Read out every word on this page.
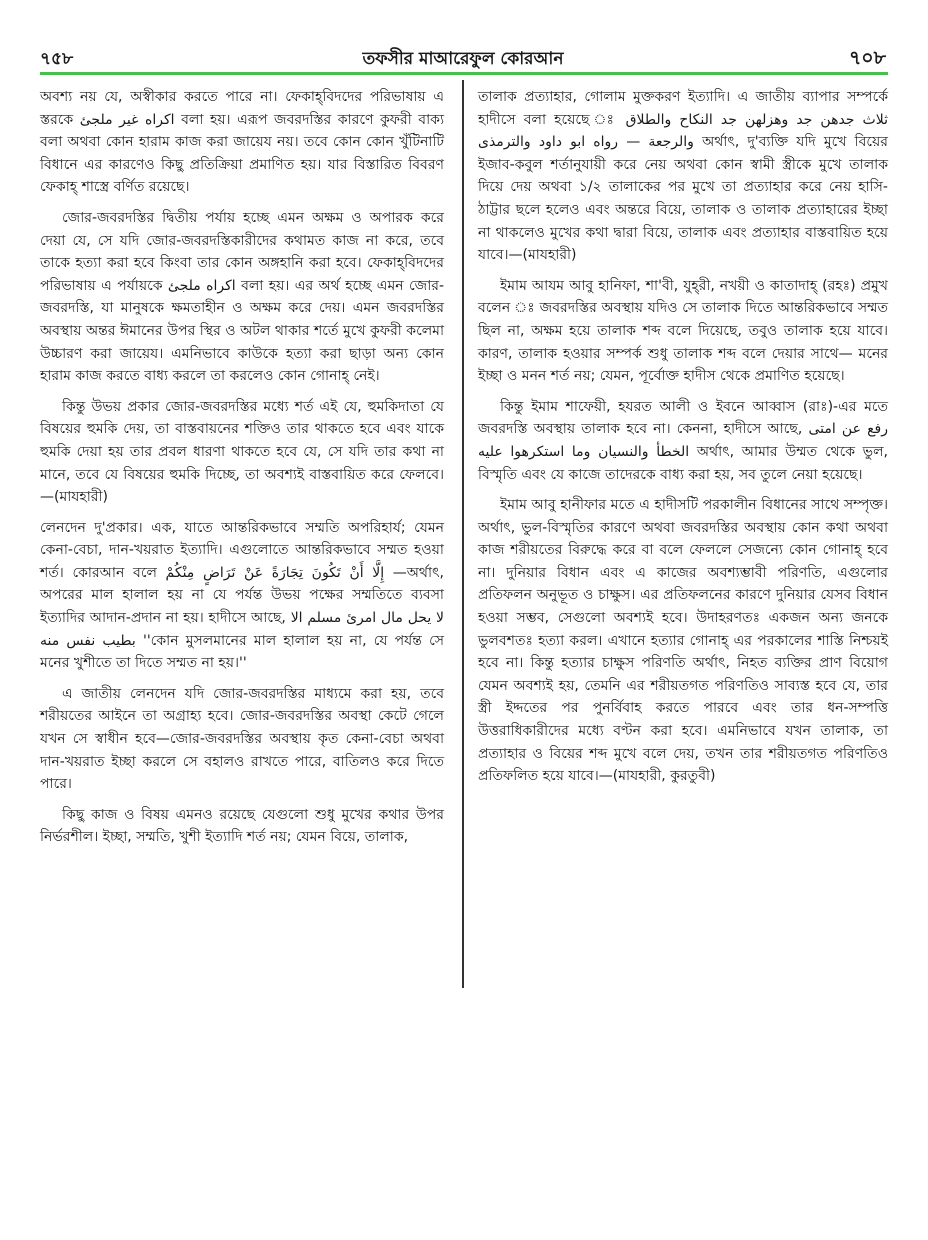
৭৫৮	তফসীর মাআরেফুল কোরআন	৭০৮

অবশ্য নয় যে, অস্বীকার করতে পারে না। ফেকাহ্‌বিদদের পরিভাষায় এ স্তরকে اكراه غير ملجئ বলা হয়। এরূপ জবরদস্তির কারণে কুফরী বাক্য বলা অথবা কোন হারাম কাজ করা জায়েয নয়। তবে কোন কোন খুঁটিনাটি বিধানে এর কারণেও কিছু প্রতিক্রিয়া প্রমাণিত হয়। যার বিস্তারিত বিবরণ ফেকাহ্‌ শাস্ত্রে বর্ণিত রয়েছে।

জোর-জবরদস্তির দ্বিতীয় পর্যায় হচ্ছে এমন অক্ষম ও অপারক করে দেয়া যে, সে যদি জোর-জবরদস্তিকারীদের কথামত কাজ না করে, তবে তাকে হত্যা করা হবে কিংবা তার কোন অঙ্গহানি করা হবে। ফেকাহ্‌বিদদের পরিভাষায় এ পর্যায়কে اكراه ملجئ বলা হয়। এর অর্থ হচ্ছে এমন জোর-জবরদস্তি, যা মানুষকে ক্ষমতাহীন ও অক্ষম করে দেয়। এমন জবরদস্তির অবস্থায় অন্তর ঈমানের উপর স্থির ও অটল থাকার শর্তে মুখে কুফরী কলেমা উচ্চারণ করা জায়েয। এমনিভাবে কাউকে হত্যা করা ছাড়া অন্য কোন হারাম কাজ করতে বাধ্য করলে তা করলেও কোন গোনাহ্‌ নেই।

কিন্তু উভয় প্রকার জোর-জবরদস্তির মধ্যে শর্ত এই যে, হুমকিদাতা যে বিষয়ের হুমকি দেয়, তা বাস্তবায়নের শক্তিও তার থাকতে হবে এবং যাকে হুমকি দেয়া হয় তার প্রবল ধারণা থাকতে হবে যে, সে যদি তার কথা না মানে, তবে যে বিষয়ের হুমকি দিচ্ছে, তা অবশ্যই বাস্তবায়িত করে ফেলবে।—(মাযহারী)

লেনদেন দু'প্রকার। এক, যাতে আন্তরিকভাবে সম্মতি অপরিহার্য; যেমন কেনা-বেচা, দান-খয়রাত ইত্যাদি। এগুলোতে আন্তরিকভাবে সম্মত হওয়া শর্ত। কোরআন বলে إِلَّا أَنْ تَكُونَ تِجَارَةً عَنْ تَرَاضٍ مِنْكُمْ —অর্থাৎ, অপরের মাল হালাল হয় না যে পর্যন্ত উভয় পক্ষের সম্মতিতে ব্যবসা ইত্যাদির আদান-প্রদান না হয়। হাদীসে আছে, لا يحل مال امرئ مسلم الا بطيب نفس منه ''কোন মুসলমানের মাল হালাল হয় না, যে পর্যন্ত সে মনের খুশীতে তা দিতে সম্মত না হয়।''

এ জাতীয় লেনদেন যদি জোর-জবরদস্তির মাধ্যমে করা হয়, তবে শরীয়তের আইনে তা অগ্রাহ্য হবে। জোর-জবরদস্তির অবস্থা কেটে গেলে যখন সে স্বাধীন হবে—জোর-জবরদস্তির অবস্থায় কৃত কেনা-বেচা অথবা দান-খয়রাত ইচ্ছা করলে সে বহালও রাখতে পারে, বাতিলও করে দিতে পারে।

কিছু কাজ ও বিষয় এমনও রয়েছে যেগুলো শুধু মুখের কথার উপর নির্ভরশীল। ইচ্ছা, সম্মতি, খুশী ইত্যাদি শর্ত নয়; যেমন বিয়ে, তালাক,

তালাক প্রত্যাহার, গোলাম মুক্তকরণ ইত্যাদি। এ জাতীয় ব্যাপার সম্পর্কে হাদীসে বলা হয়েছে ঃ ثلاث جدهن جد وهزلهن جد النكاح والطلاق والرجعة — رواه ابو داود والترمذى অর্থাৎ, দু'ব্যক্তি যদি মুখে বিয়ের ইজাব-কবুল শর্তানুযায়ী করে নেয় অথবা কোন স্বামী স্ত্রীকে মুখে তালাক দিয়ে দেয় অথবা ১/২ তালাকের পর মুখে তা প্রত্যাহার করে নেয় হাসি-ঠাট্টার ছলে হলেও এবং অন্তরে বিয়ে, তালাক ও তালাক প্রত্যাহারের ইচ্ছা না থাকলেও মুখের কথা দ্বারা বিয়ে, তালাক এবং প্রত্যাহার বাস্তবায়িত হয়ে যাবে।—(মাযহারী)

ইমাম আযম আবু হানিফা, শা'বী, যুহ্‌রী, নখয়ী ও কাতাদাহ্‌ (রহঃ) প্রমুখ বলেন ঃ জবরদস্তির অবস্থায় যদিও সে তালাক দিতে আন্তরিকভাবে সম্মত ছিল না, অক্ষম হয়ে তালাক শব্দ বলে দিয়েছে, তবুও তালাক হয়ে যাবে। কারণ, তালাক হওয়ার সম্পর্ক শুধু তালাক শব্দ বলে দেয়ার সাথে— মনের ইচ্ছা ও মনন শর্ত নয়; যেমন, পূর্বোক্ত হাদীস থেকে প্রমাণিত হয়েছে।

কিন্তু ইমাম শাফেয়ী, হযরত আলী ও ইবনে আব্বাস (রাঃ)-এর মতে জবরদস্তি অবস্থায় তালাক হবে না। কেননা, হাদীসে আছে, رفع عن امتى الخطأ والنسيان وما استكرهوا عليه অর্থাৎ, আমার উম্মত থেকে ভুল, বিস্মৃতি এবং যে কাজে তাদেরকে বাধ্য করা হয়, সব তুলে নেয়া হয়েছে।

ইমাম আবু হানীফার মতে এ হাদীসটি পরকালীন বিধানের সাথে সম্পৃক্ত। অর্থাৎ, ভুল-বিস্মৃতির কারণে অথবা জবরদস্তির অবস্থায় কোন কথা অথবা কাজ শরীয়তের বিরুদ্ধে করে বা বলে ফেললে সেজন্যে কোন গোনাহ্‌ হবে না। দুনিয়ার বিধান এবং এ কাজের অবশ্যম্ভাবী পরিণতি, এগুলোর প্রতিফলন অনুভূত ও চাক্ষুস। এর প্রতিফলনের কারণে দুনিয়ার যেসব বিধান হওয়া সম্ভব, সেগুলো অবশ্যই হবে। উদাহরণতঃ একজন অন্য জনকে ভুলবশতঃ হত্যা করল। এখানে হত্যার গোনাহ্‌ এর পরকালের শাস্তি নিশ্চয়ই হবে না। কিন্তু হত্যার চাক্ষুস পরিণতি অর্থাৎ, নিহত ব্যক্তির প্রাণ বিয়োগ যেমন অবশ্যই হয়, তেমনি এর শরীয়তগত পরিণতিও সাব্যস্ত হবে যে, তার স্ত্রী ইদ্দতের পর পুনর্বিবাহ করতে পারবে এবং তার ধন-সম্পত্তি উত্তরাধিকারীদের মধ্যে বণ্টন করা হবে। এমনিভাবে যখন তালাক, তা প্রত্যাহার ও বিয়ের শব্দ মুখে বলে দেয়, তখন তার শরীয়তগত পরিণতিও প্রতিফলিত হয়ে যাবে।—(মাযহারী, কুরতুবী)
